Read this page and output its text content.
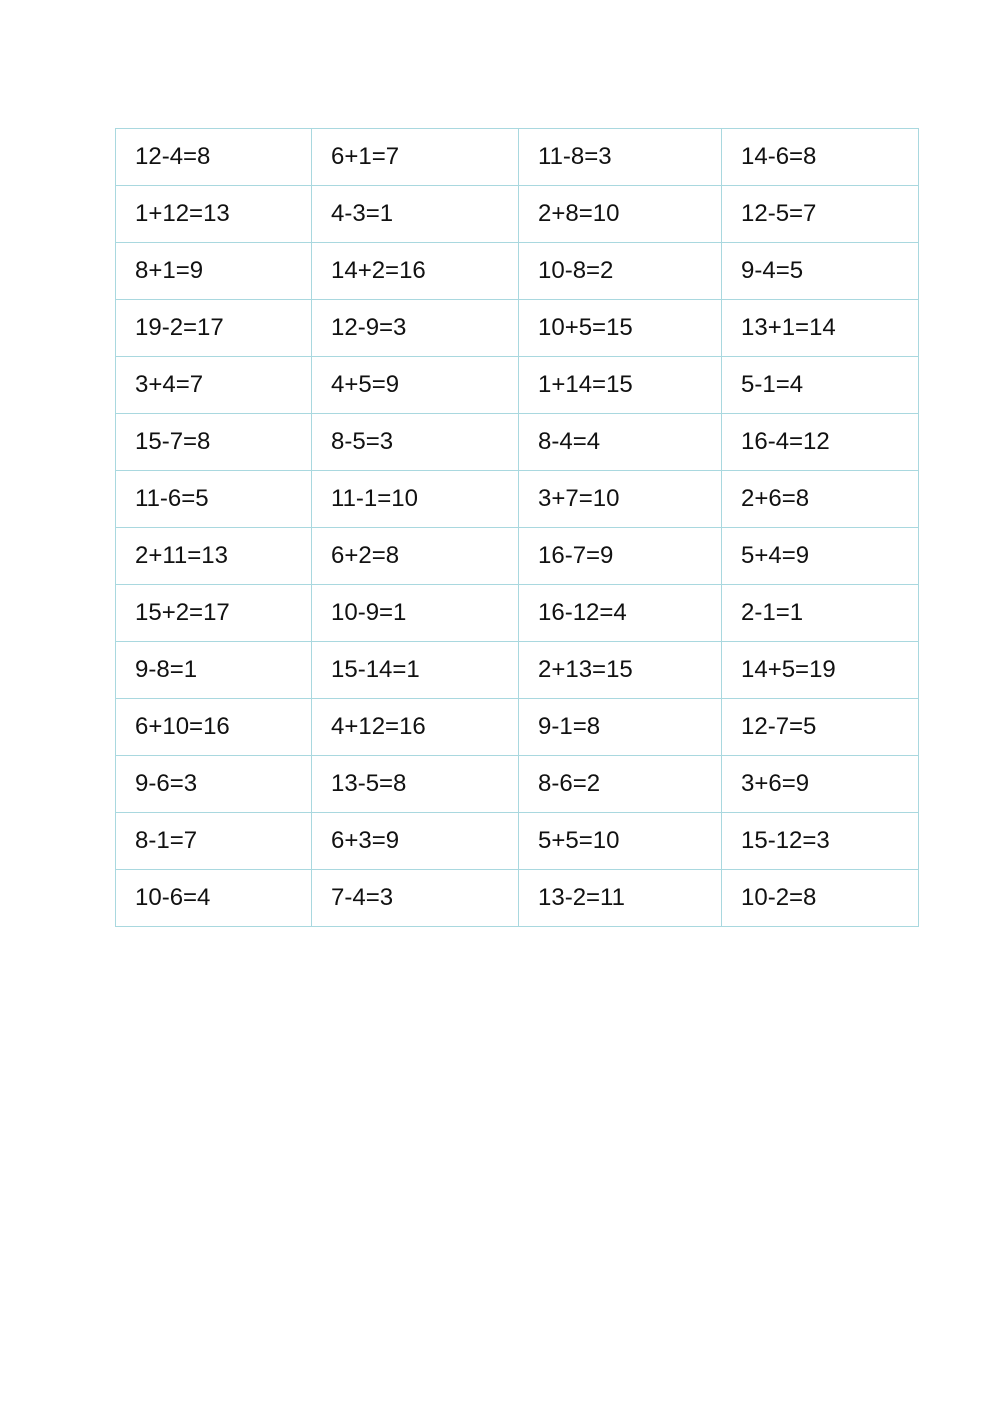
12-4=8	6+1=7	11-8=3	14-6=8
1+12=13	4-3=1	2+8=10	12-5=7
8+1=9	14+2=16	10-8=2	9-4=5
19-2=17	12-9=3	10+5=15	13+1=14
3+4=7	4+5=9	1+14=15	5-1=4
15-7=8	8-5=3	8-4=4	16-4=12
11-6=5	11-1=10	3+7=10	2+6=8
2+11=13	6+2=8	16-7=9	5+4=9
15+2=17	10-9=1	16-12=4	2-1=1
9-8=1	15-14=1	2+13=15	14+5=19
6+10=16	4+12=16	9-1=8	12-7=5
9-6=3	13-5=8	8-6=2	3+6=9
8-1=7	6+3=9	5+5=10	15-12=3
10-6=4	7-4=3	13-2=11	10-2=8
